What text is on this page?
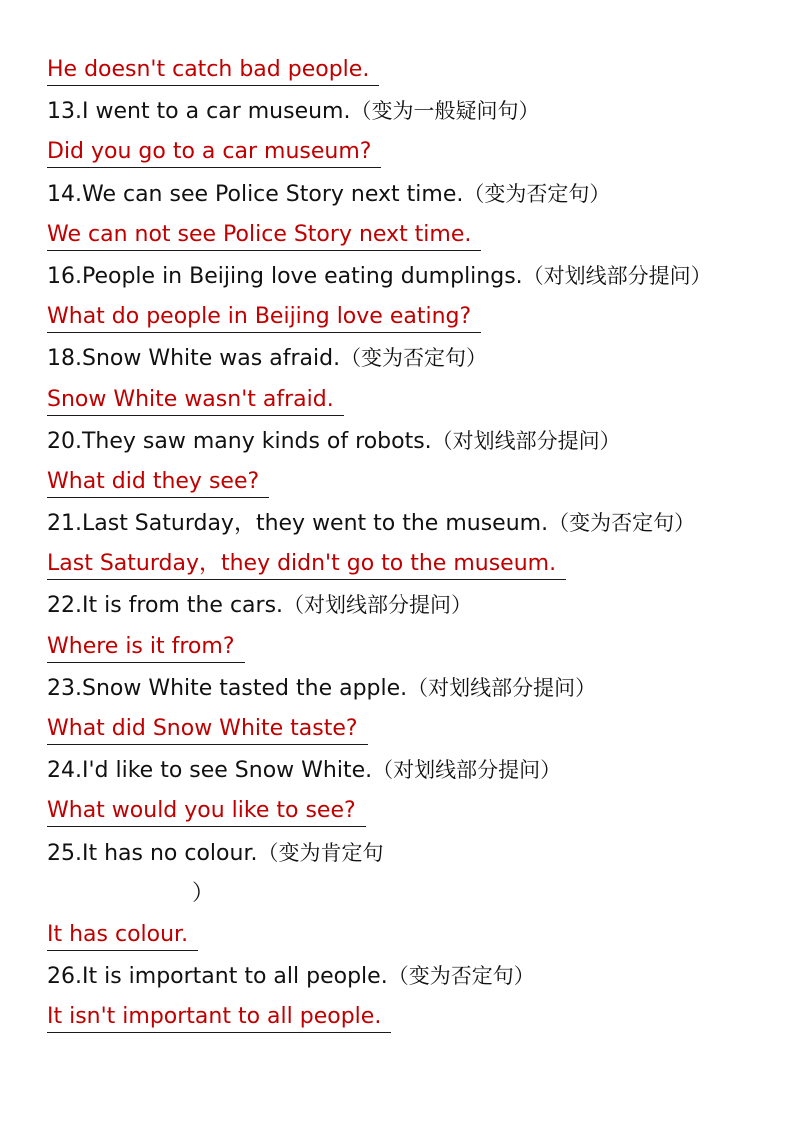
He doesn't catch bad people.
13.I went to a car museum.（变为一般疑问句）
Did you go to a car museum?
14.We can see Police Story next time.（变为否定句）
We can not see Police Story next time.
16.People in Beijing love eating dumplings.（对划线部分提问）
What do people in Beijing love eating?
18.Snow White was afraid.（变为否定句）
Snow White wasn't afraid.
20.They saw many kinds of robots.（对划线部分提问）
What did they see?
21.Last Saturday，they went to the museum.（变为否定句）
Last Saturday，they didn't go to the museum.
22.It is from the cars.（对划线部分提问）
Where is it from?
23.Snow White tasted the apple.（对划线部分提问）
What did Snow White taste?
24.I'd like to see Snow White.（对划线部分提问）
What would you like to see?
25.It has no colour.（变为肯定句
）
It has colour.
26.It is important to all people.（变为否定句）
It isn't important to all people.
